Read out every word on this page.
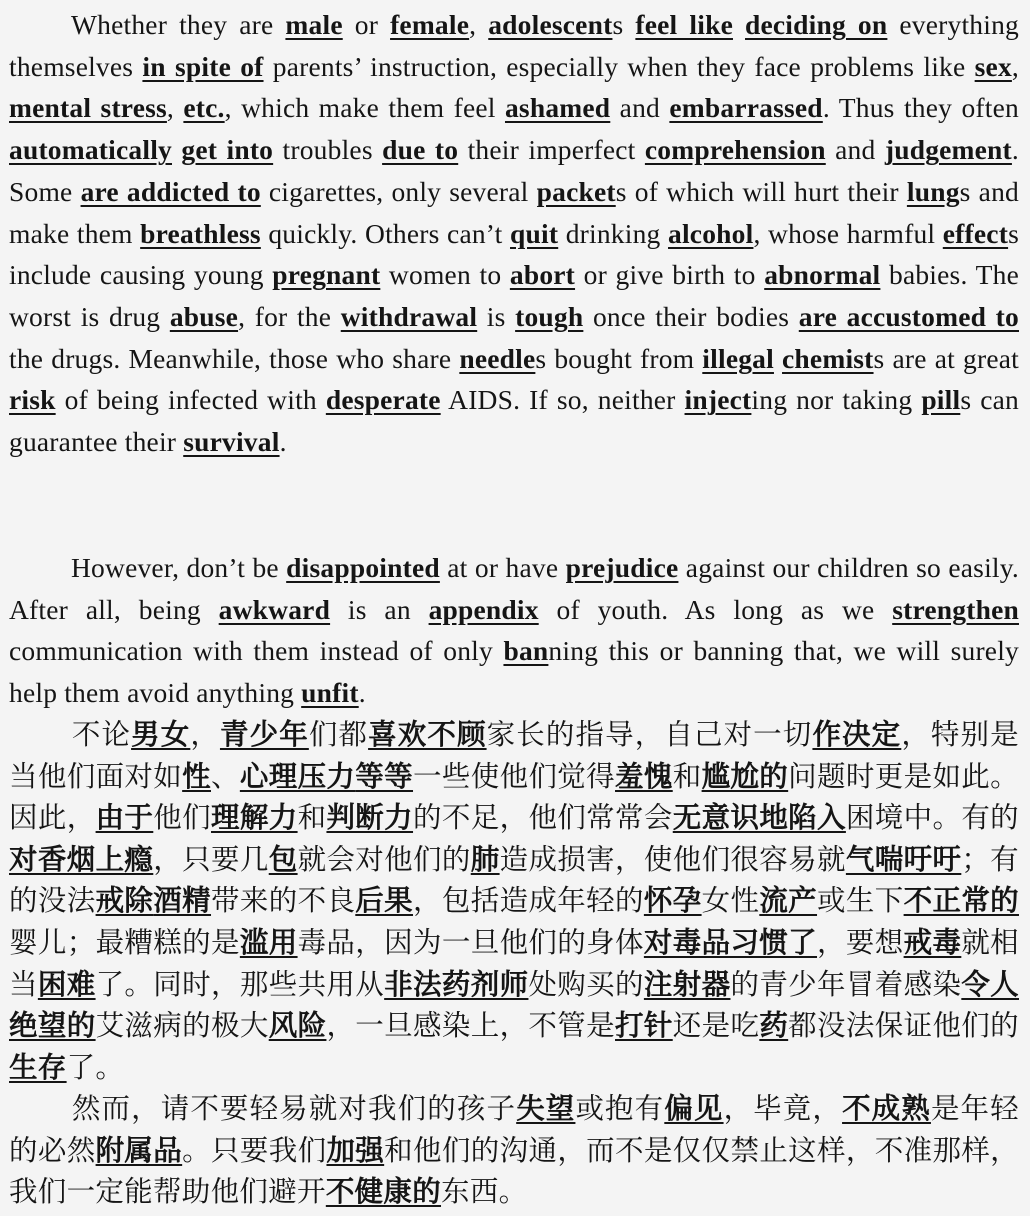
Whether they are male or female, adolescents feel like deciding on everything themselves in spite of parents’ instruction, especially when they face problems like sex, mental stress, etc., which make them feel ashamed and embarrassed. Thus they often automatically get into troubles due to their imperfect comprehension and judgement. Some are addicted to cigarettes, only several packets of which will hurt their lungs and make them breathless quickly. Others can’t quit drinking alcohol, whose harmful effects include causing young pregnant women to abort or give birth to abnormal babies. The worst is drug abuse, for the withdrawal is tough once their bodies are accustomed to the drugs. Meanwhile, those who share needles bought from illegal chemists are at great risk of being infected with desperate AIDS. If so, neither injecting nor taking pills can guarantee their survival.
However, don’t be disappointed at or have prejudice against our children so easily. After all, being awkward is an appendix of youth. As long as we strengthen communication with them instead of only banning this or banning that, we will surely help them avoid anything unfit.
不论男女，青少年们都喜欢不顾家长的指导，自己对一切作决定，特别是当他们面对如性、心理压力等等一些使他们觉得羞愧和尴尬的问题时更是如此。因此，由于他们理解力和判断力的不足，他们常常会无意识地陷入困境中。有的对香烟上瘾，只要几包就会对他们的肺造成损害，使他们很容易就气喘吁吁；有的没法戒除酒精带来的不良后果，包括造成年轻的怀孕女性流产或生下不正常的婴儿；最糟糕的是滥用毒品，因为一旦他们的身体对毒品习惯了，要想戒毒就相当困难了。同时，那些共用从非法药剂师处购买的注射器的青少年冒着感染令人绝望的艾滋病的极大风险，一旦感染上，不管是打针还是吃药都没法保证他们的生存了。
然而，请不要轻易就对我们的孩子失望或抱有偏见，毕竟，不成熟是年轻的必然附属品。只要我们加强和他们的沟通，而不是仅仅禁止这样，不准那样，我们一定能帮助他们避开不健康的东西。
